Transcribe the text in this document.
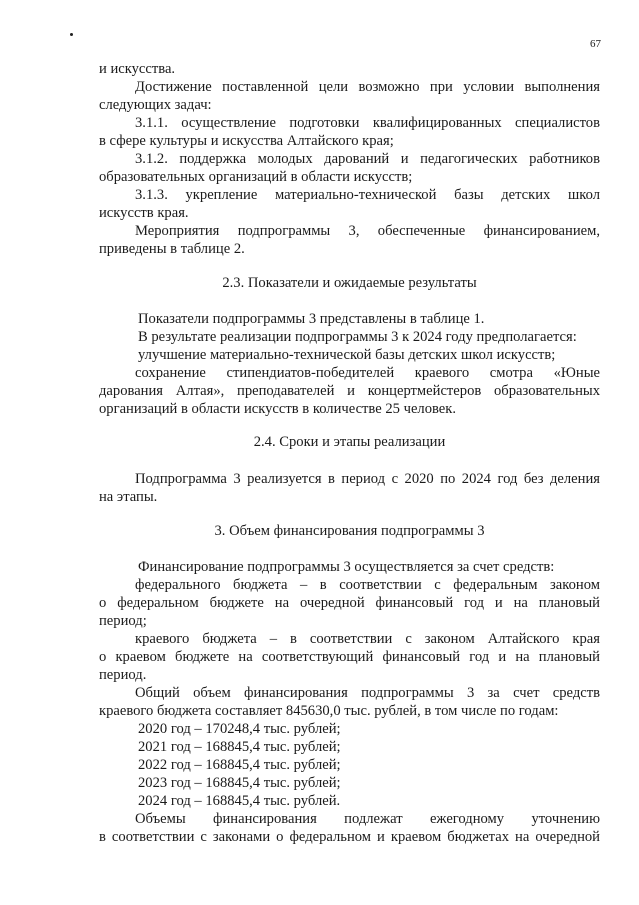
67
и искусства.
Достижение поставленной цели возможно при условии выполнения
следующих задач:
3.1.1. осуществление подготовки квалифицированных специалистов
в сфере культуры и искусства Алтайского края;
3.1.2. поддержка молодых дарований и педагогических работников
образовательных организаций в области искусств;
3.1.3. укрепление материально-технической базы детских школ
искусств края.
Мероприятия подпрограммы 3, обеспеченные финансированием,
приведены в таблице 2.
2.3. Показатели и ожидаемые результаты
Показатели подпрограммы 3 представлены в таблице 1.
В результате реализации подпрограммы 3 к 2024 году предполагается:
улучшение материально-технической базы детских школ искусств;
сохранение стипендиатов-победителей краевого смотра «Юные
дарования Алтая», преподавателей и концертмейстеров образовательных
организаций в области искусств в количестве 25 человек.
2.4. Сроки и этапы реализации
Подпрограмма 3 реализуется в период с 2020 по 2024 год без деления
на этапы.
3. Объем финансирования подпрограммы 3
Финансирование подпрограммы 3 осуществляется за счет средств:
федерального бюджета – в соответствии с федеральным законом
о федеральном бюджете на очередной финансовый год и на плановый
период;
краевого бюджета – в соответствии с законом Алтайского края
о краевом бюджете на соответствующий финансовый год и на плановый
период.
Общий объем финансирования подпрограммы 3 за счет средств
краевого бюджета составляет 845630,0 тыс. рублей, в том числе по годам:
2020 год – 170248,4 тыс. рублей;
2021 год – 168845,4 тыс. рублей;
2022 год – 168845,4 тыс. рублей;
2023 год – 168845,4 тыс. рублей;
2024 год – 168845,4 тыс. рублей.
Объемы финансирования подлежат ежегодному уточнению
в соответствии с законами о федеральном и краевом бюджетах на очередной
